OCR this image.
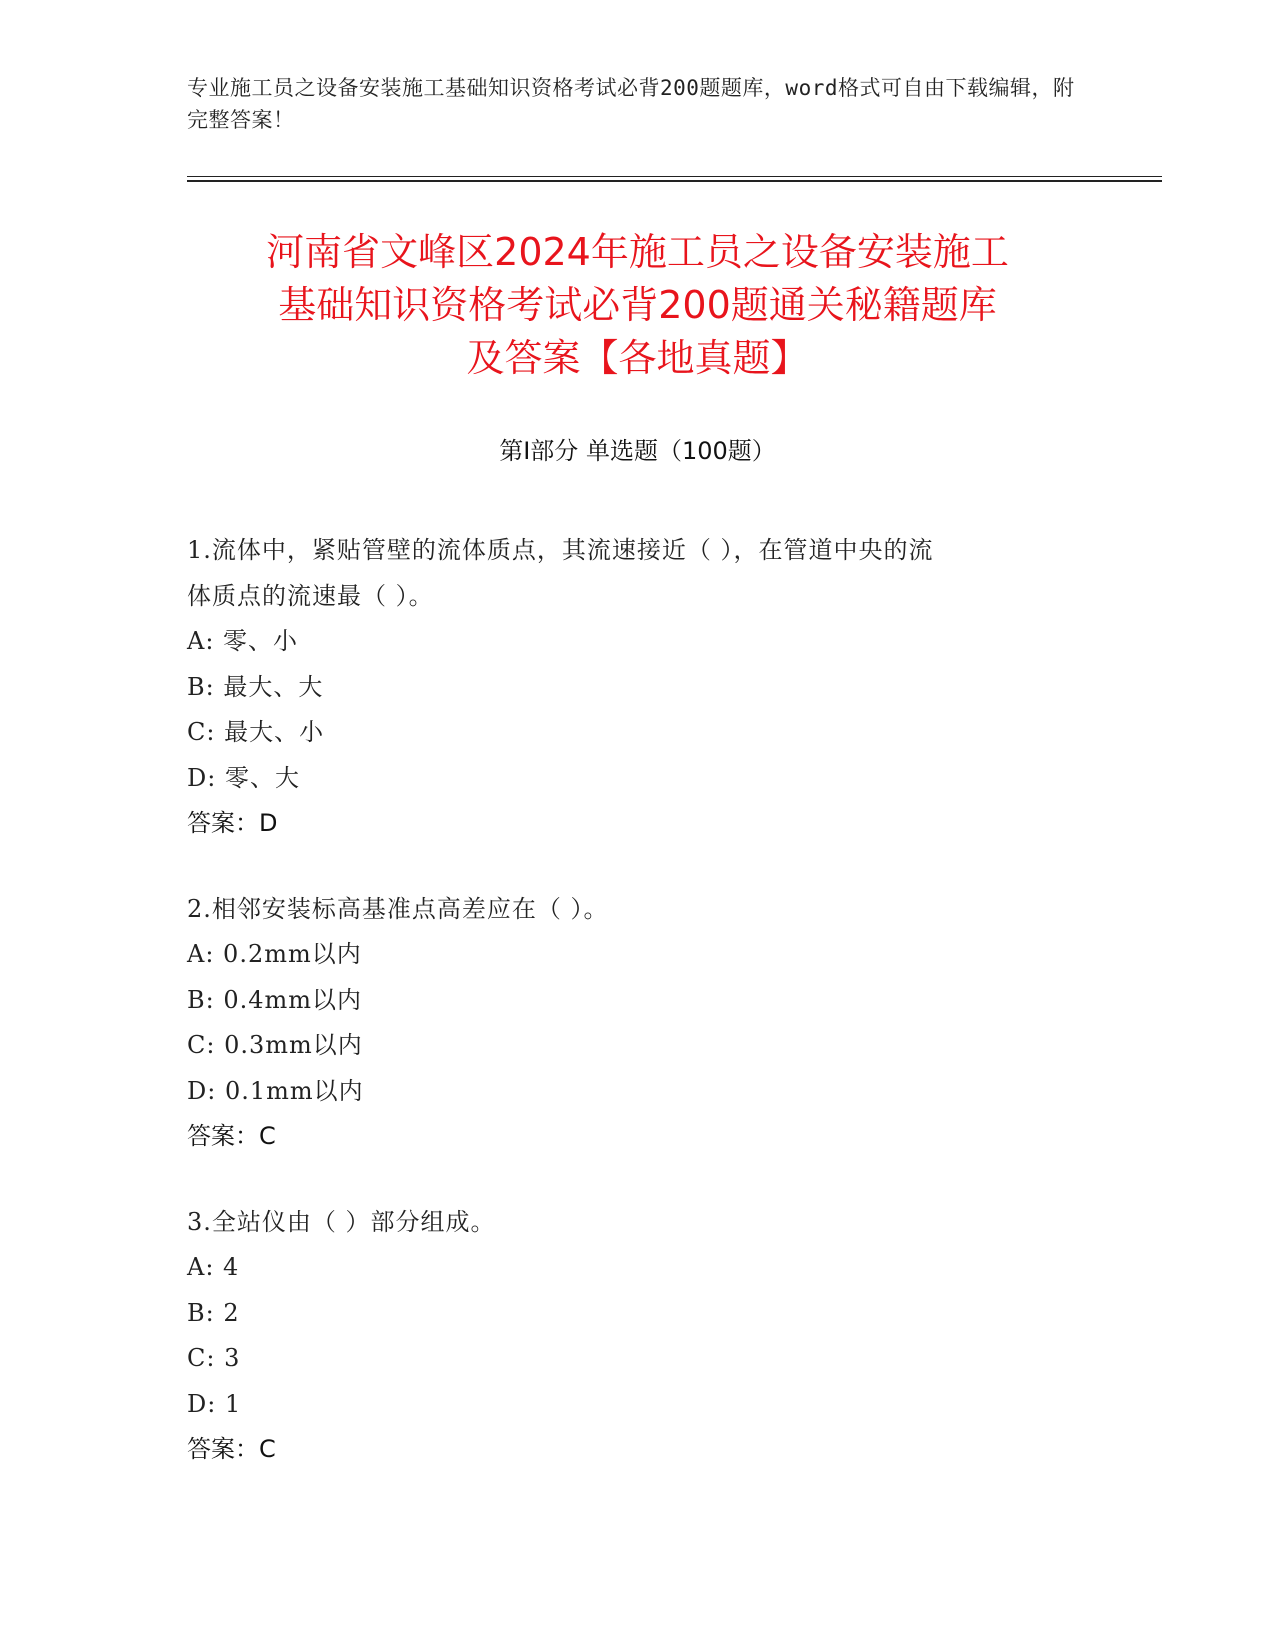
专业施工员之设备安装施工基础知识资格考试必背200题题库，word格式可自由下载编辑，附完整答案！
河南省文峰区2024年施工员之设备安装施工
基础知识资格考试必背200题通关秘籍题库
及答案【各地真题】
第Ⅰ部分 单选题（100题）
1.流体中，紧贴管壁的流体质点，其流速接近（ ），在管道中央的流
体质点的流速最（ ）。
A: 零、小
B: 最大、大
C: 最大、小
D: 零、大
答案：D
2.相邻安装标高基准点高差应在（ ）。
A: 0.2mm以内
B: 0.4mm以内
C: 0.3mm以内
D: 0.1mm以内
答案：C
3.全站仪由（ ）部分组成。
A: 4
B: 2
C: 3
D: 1
答案：C
